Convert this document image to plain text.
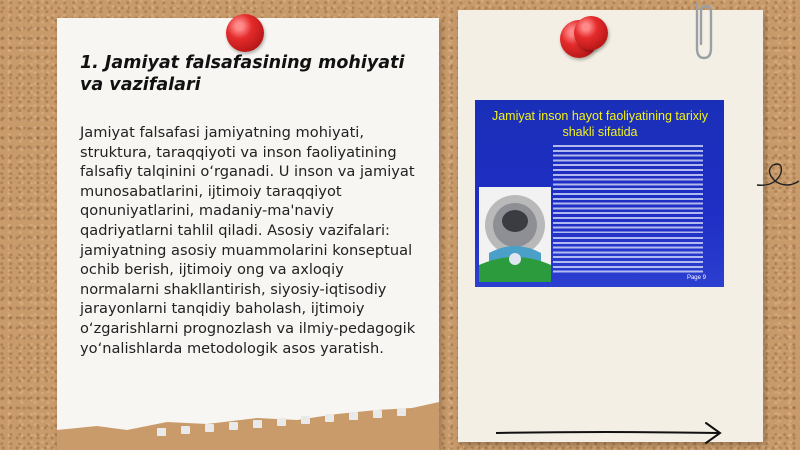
1. Jamiyat falsafasining mohiyati va vazifalari

Jamiyat falsafasi jamiyatning mohiyati, struktura, taraqqiyoti va inson faoliyatining falsafiy talqinini o‘rganadi. U inson va jamiyat munosabatlarini, ijtimoiy taraqqiyot qonuniyatlarini, madaniy-ma'naviy qadriyatlarni tahlil qiladi. Asosiy vazifalari: jamiyatning asosiy muammolarini konseptual ochib berish, ijtimoiy ong va axloqiy normalarni shakllantirish, siyosiy-iqtisodiy jarayonlarni tanqidiy baholash, ijtimoiy o‘zgarishlarni prognozlash va ilmiy-pedagogik yo‘nalishlarda metodologik asos yaratish.

Jamiyat inson hayot faoliyatining tarixiy shakli sifatida
Page 9
